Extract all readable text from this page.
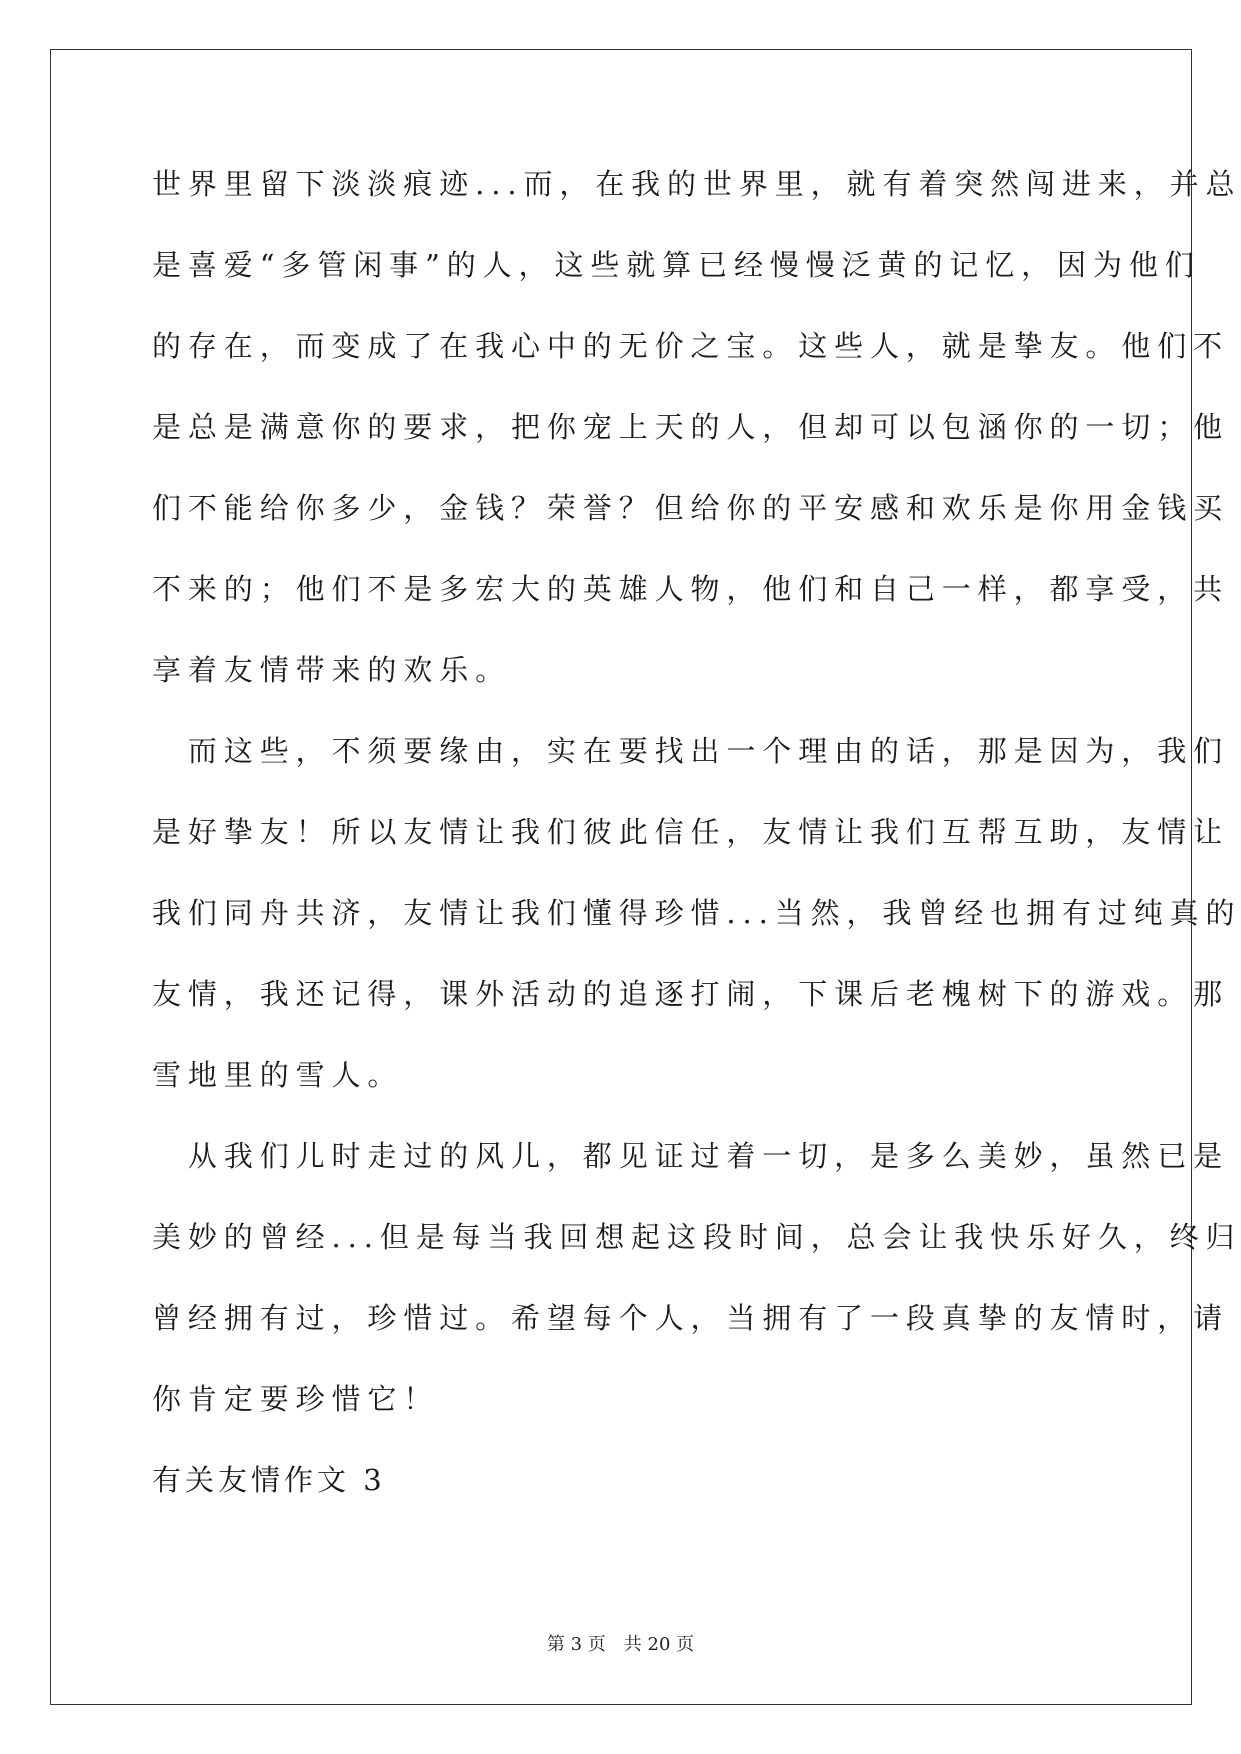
世界里留下淡淡痕迹...而，在我的世界里，就有着突然闯进来，并总
是喜爱“多管闲事”的人，这些就算已经慢慢泛黄的记忆，因为他们
的存在，而变成了在我心中的无价之宝。这些人，就是挚友。他们不
是总是满意你的要求，把你宠上天的人，但却可以包涵你的一切；他
们不能给你多少，金钱？荣誉？但给你的平安感和欢乐是你用金钱买
不来的；他们不是多宏大的英雄人物，他们和自己一样，都享受，共
享着友情带来的欢乐。
　而这些，不须要缘由，实在要找出一个理由的话，那是因为，我们
是好挚友！所以友情让我们彼此信任，友情让我们互帮互助，友情让
我们同舟共济，友情让我们懂得珍惜...当然，我曾经也拥有过纯真的
友情，我还记得，课外活动的追逐打闹，下课后老槐树下的游戏。那
雪地里的雪人。
　从我们儿时走过的风儿，都见证过着一切，是多么美妙，虽然已是
美妙的曾经...但是每当我回想起这段时间，总会让我快乐好久，终归
曾经拥有过，珍惜过。希望每个人，当拥有了一段真挚的友情时，请
你肯定要珍惜它！
有关友情作文 3
第 3 页　共 20 页
